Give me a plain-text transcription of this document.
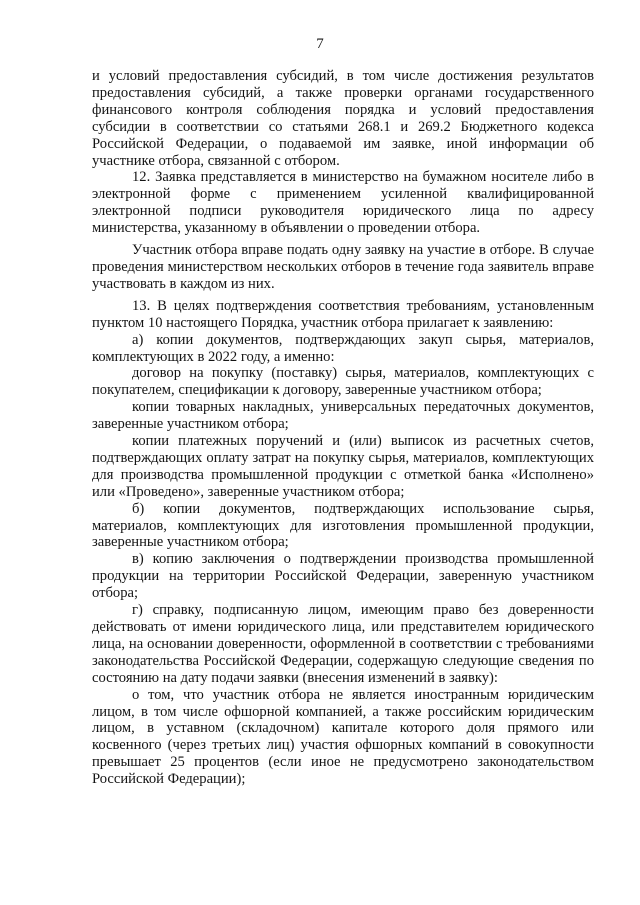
7

и условий предоставления субсидий, в том числе достижения результатов предоставления субсидий, а также проверки органами государственного финансового контроля соблюдения порядка и условий предоставления субсидии в соответствии со статьями 268.1 и 269.2 Бюджетного кодекса Российской Федерации, о подаваемой им заявке, иной информации об участнике отбора, связанной с отбором.

12. Заявка представляется в министерство на бумажном носителе либо в электронной форме с применением усиленной квалифицированной электронной подписи руководителя юридического лица по адресу министерства, указанному в объявлении о проведении отбора.

Участник отбора вправе подать одну заявку на участие в отборе. В случае проведения министерством нескольких отборов в течение года заявитель вправе участвовать в каждом из них.

13. В целях подтверждения соответствия требованиям, установленным пунктом 10 настоящего Порядка, участник отбора прилагает к заявлению:

а) копии документов, подтверждающих закуп сырья, материалов, комплектующих в 2022 году, а именно:

договор на покупку (поставку) сырья, материалов, комплектующих с покупателем, спецификации к договору, заверенные участником отбора;

копии товарных накладных, универсальных передаточных документов, заверенные участником отбора;

копии платежных поручений и (или) выписок из расчетных счетов, подтверждающих оплату затрат на покупку сырья, материалов, комплектующих для производства промышленной продукции с отметкой банка «Исполнено» или «Проведено», заверенные участником отбора;

б) копии документов, подтверждающих использование сырья, материалов, комплектующих для изготовления промышленной продукции, заверенные участником отбора;

в) копию заключения о подтверждении производства промышленной продукции на территории Российской Федерации, заверенную участником отбора;

г) справку, подписанную лицом, имеющим право без доверенности действовать от имени юридического лица, или представителем юридического лица, на основании доверенности, оформленной в соответствии с требованиями законодательства Российской Федерации, содержащую следующие сведения по состоянию на дату подачи заявки (внесения изменений в заявку):

о том, что участник отбора не является иностранным юридическим лицом, в том числе офшорной компанией, а также российским юридическим лицом, в уставном (складочном) капитале которого доля прямого или косвенного (через третьих лиц) участия офшорных компаний в совокупности превышает 25 процентов (если иное не предусмотрено законодательством Российской Федерации);
